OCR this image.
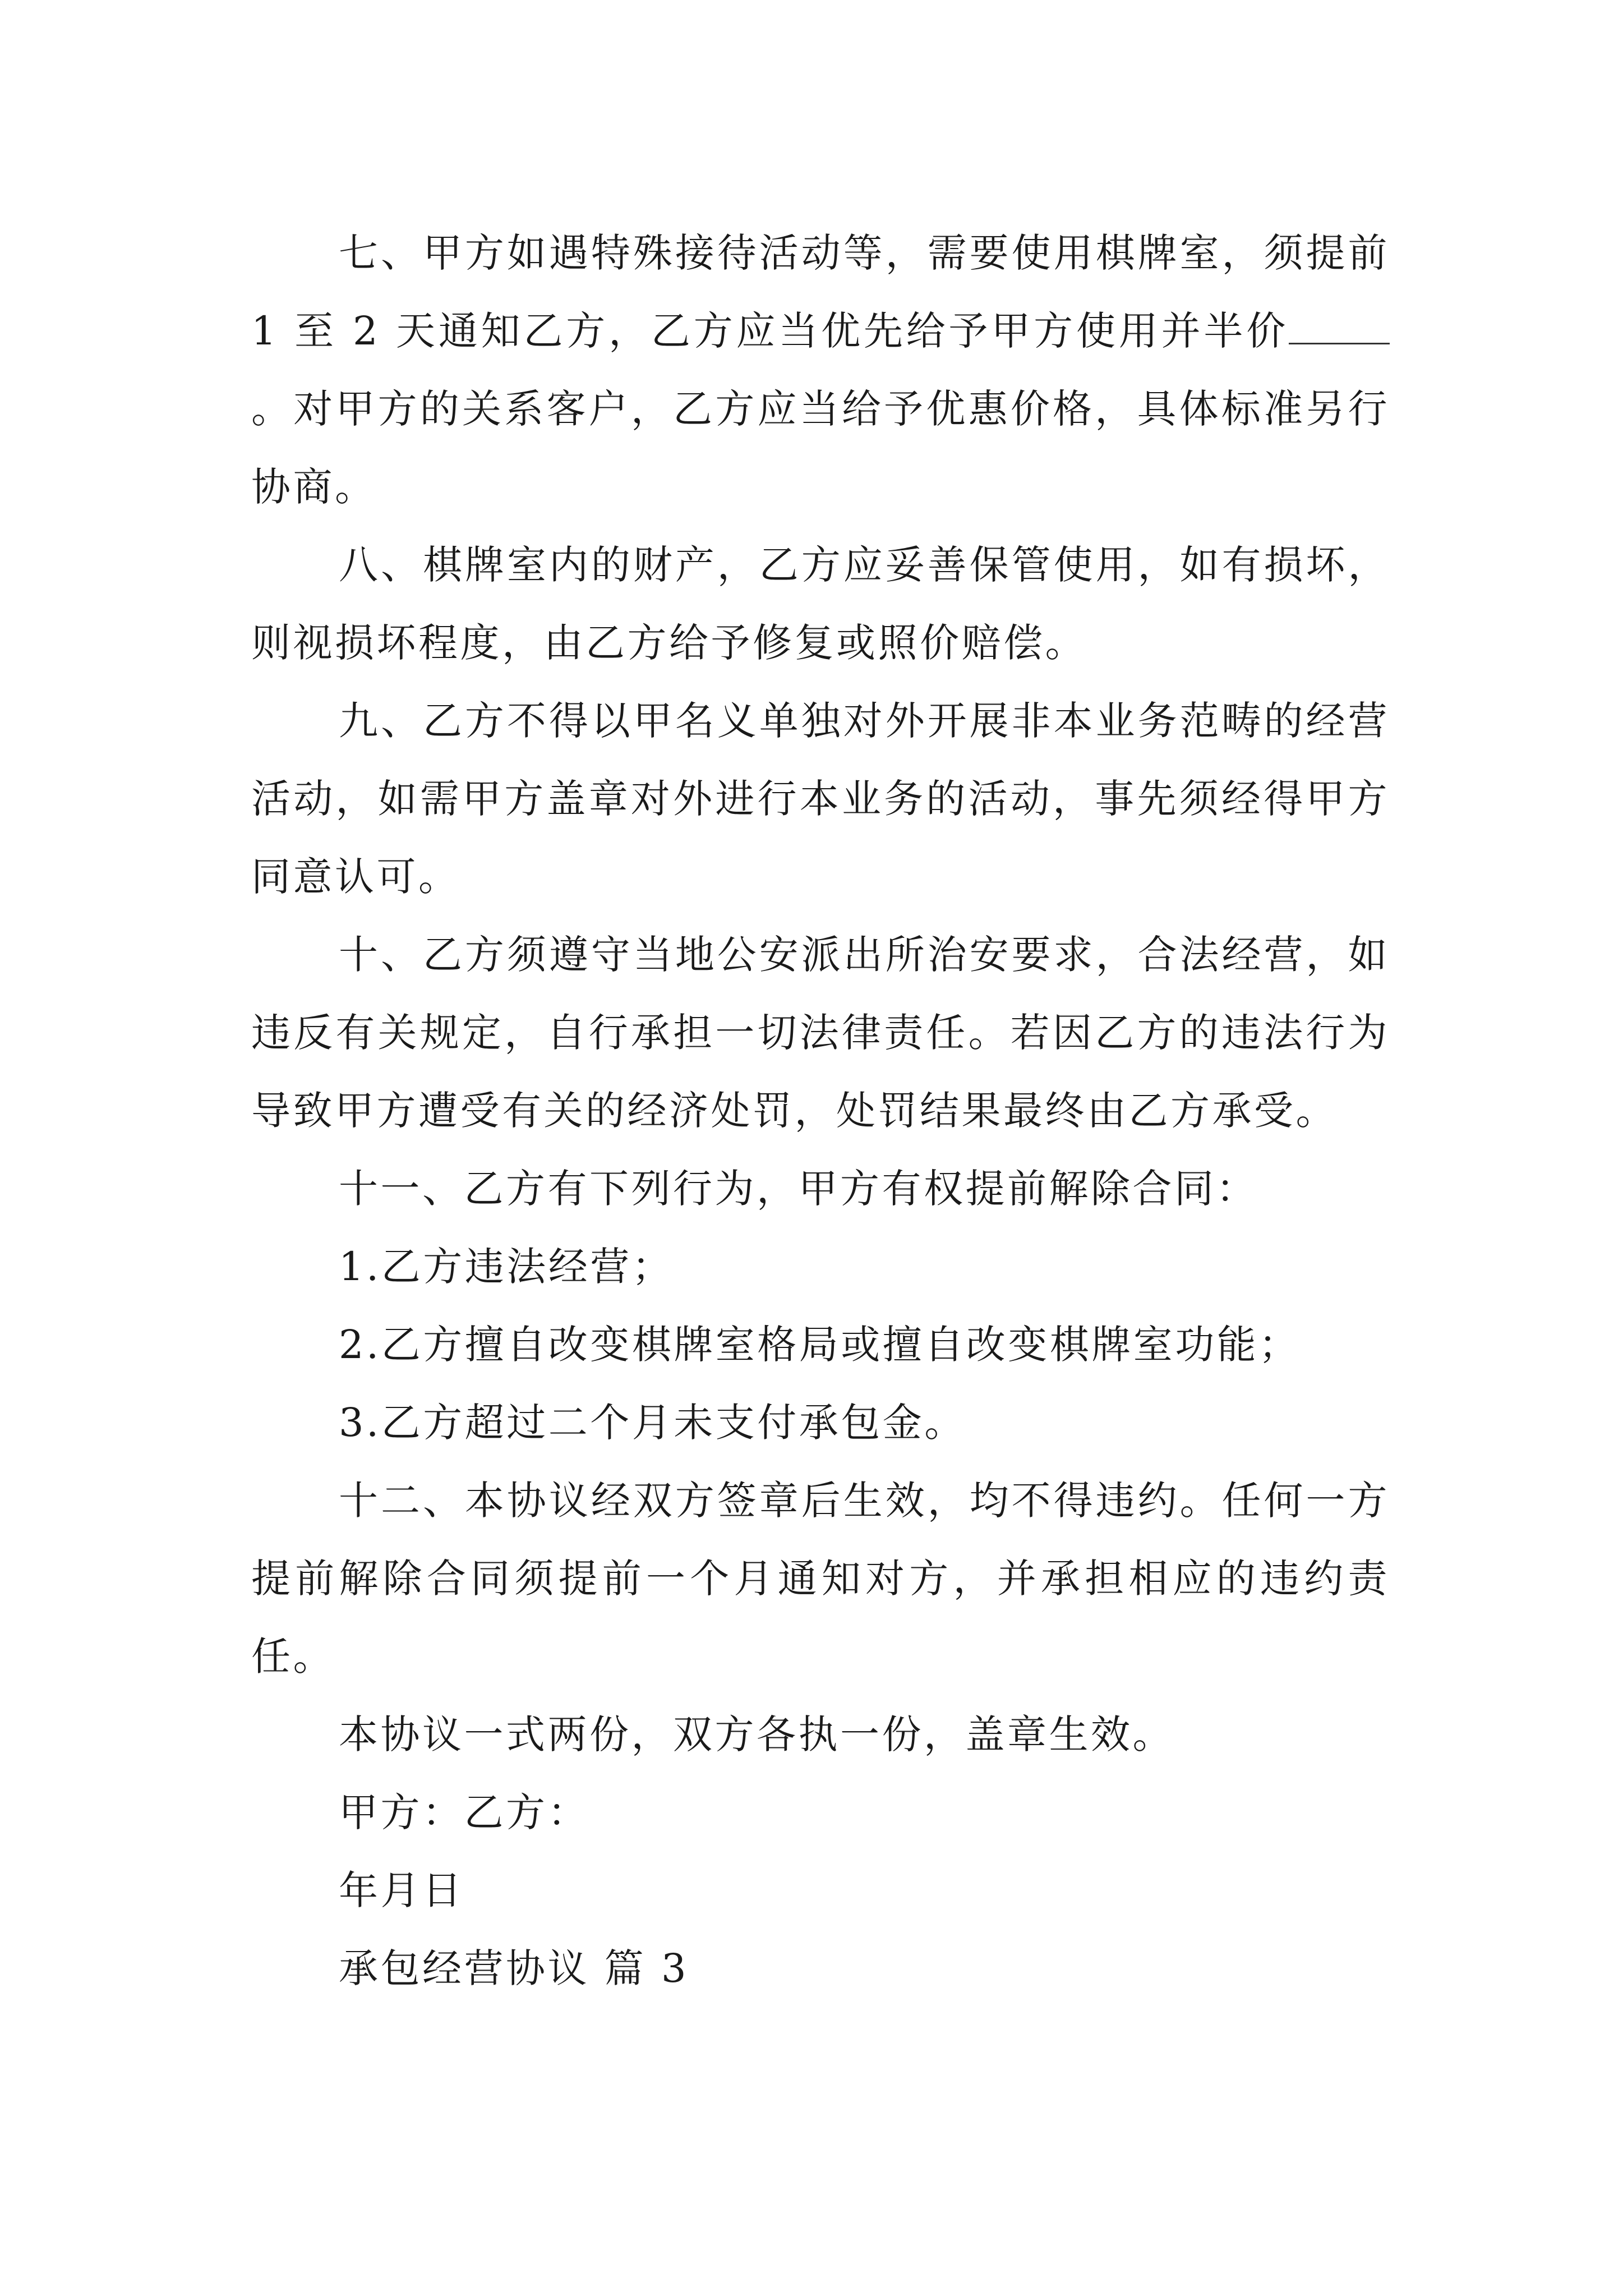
七、甲方如遇特殊接待活动等，需要使用棋牌室，须提前 1 至 2 天通知乙方，乙方应当优先给予甲方使用并半价。对甲方的关系客户，乙方应当给予优惠价格，具体标准另行协商。

八、棋牌室内的财产，乙方应妥善保管使用，如有损坏，则视损坏程度，由乙方给予修复或照价赔偿。

九、乙方不得以甲名义单独对外开展非本业务范畴的经营活动，如需甲方盖章对外进行本业务的活动，事先须经得甲方同意认可。

十、乙方须遵守当地公安派出所治安要求，合法经营，如违反有关规定，自行承担一切法律责任。若因乙方的违法行为导致甲方遭受有关的经济处罚，处罚结果最终由乙方承受。

十一、乙方有下列行为，甲方有权提前解除合同：

1.乙方违法经营；

2.乙方擅自改变棋牌室格局或擅自改变棋牌室功能；

3.乙方超过二个月未支付承包金。

十二、本协议经双方签章后生效，均不得违约。任何一方提前解除合同须提前一个月通知对方，并承担相应的违约责任。

本协议一式两份，双方各执一份，盖章生效。

甲方：乙方：

年月日

承包经营协议 篇 3
